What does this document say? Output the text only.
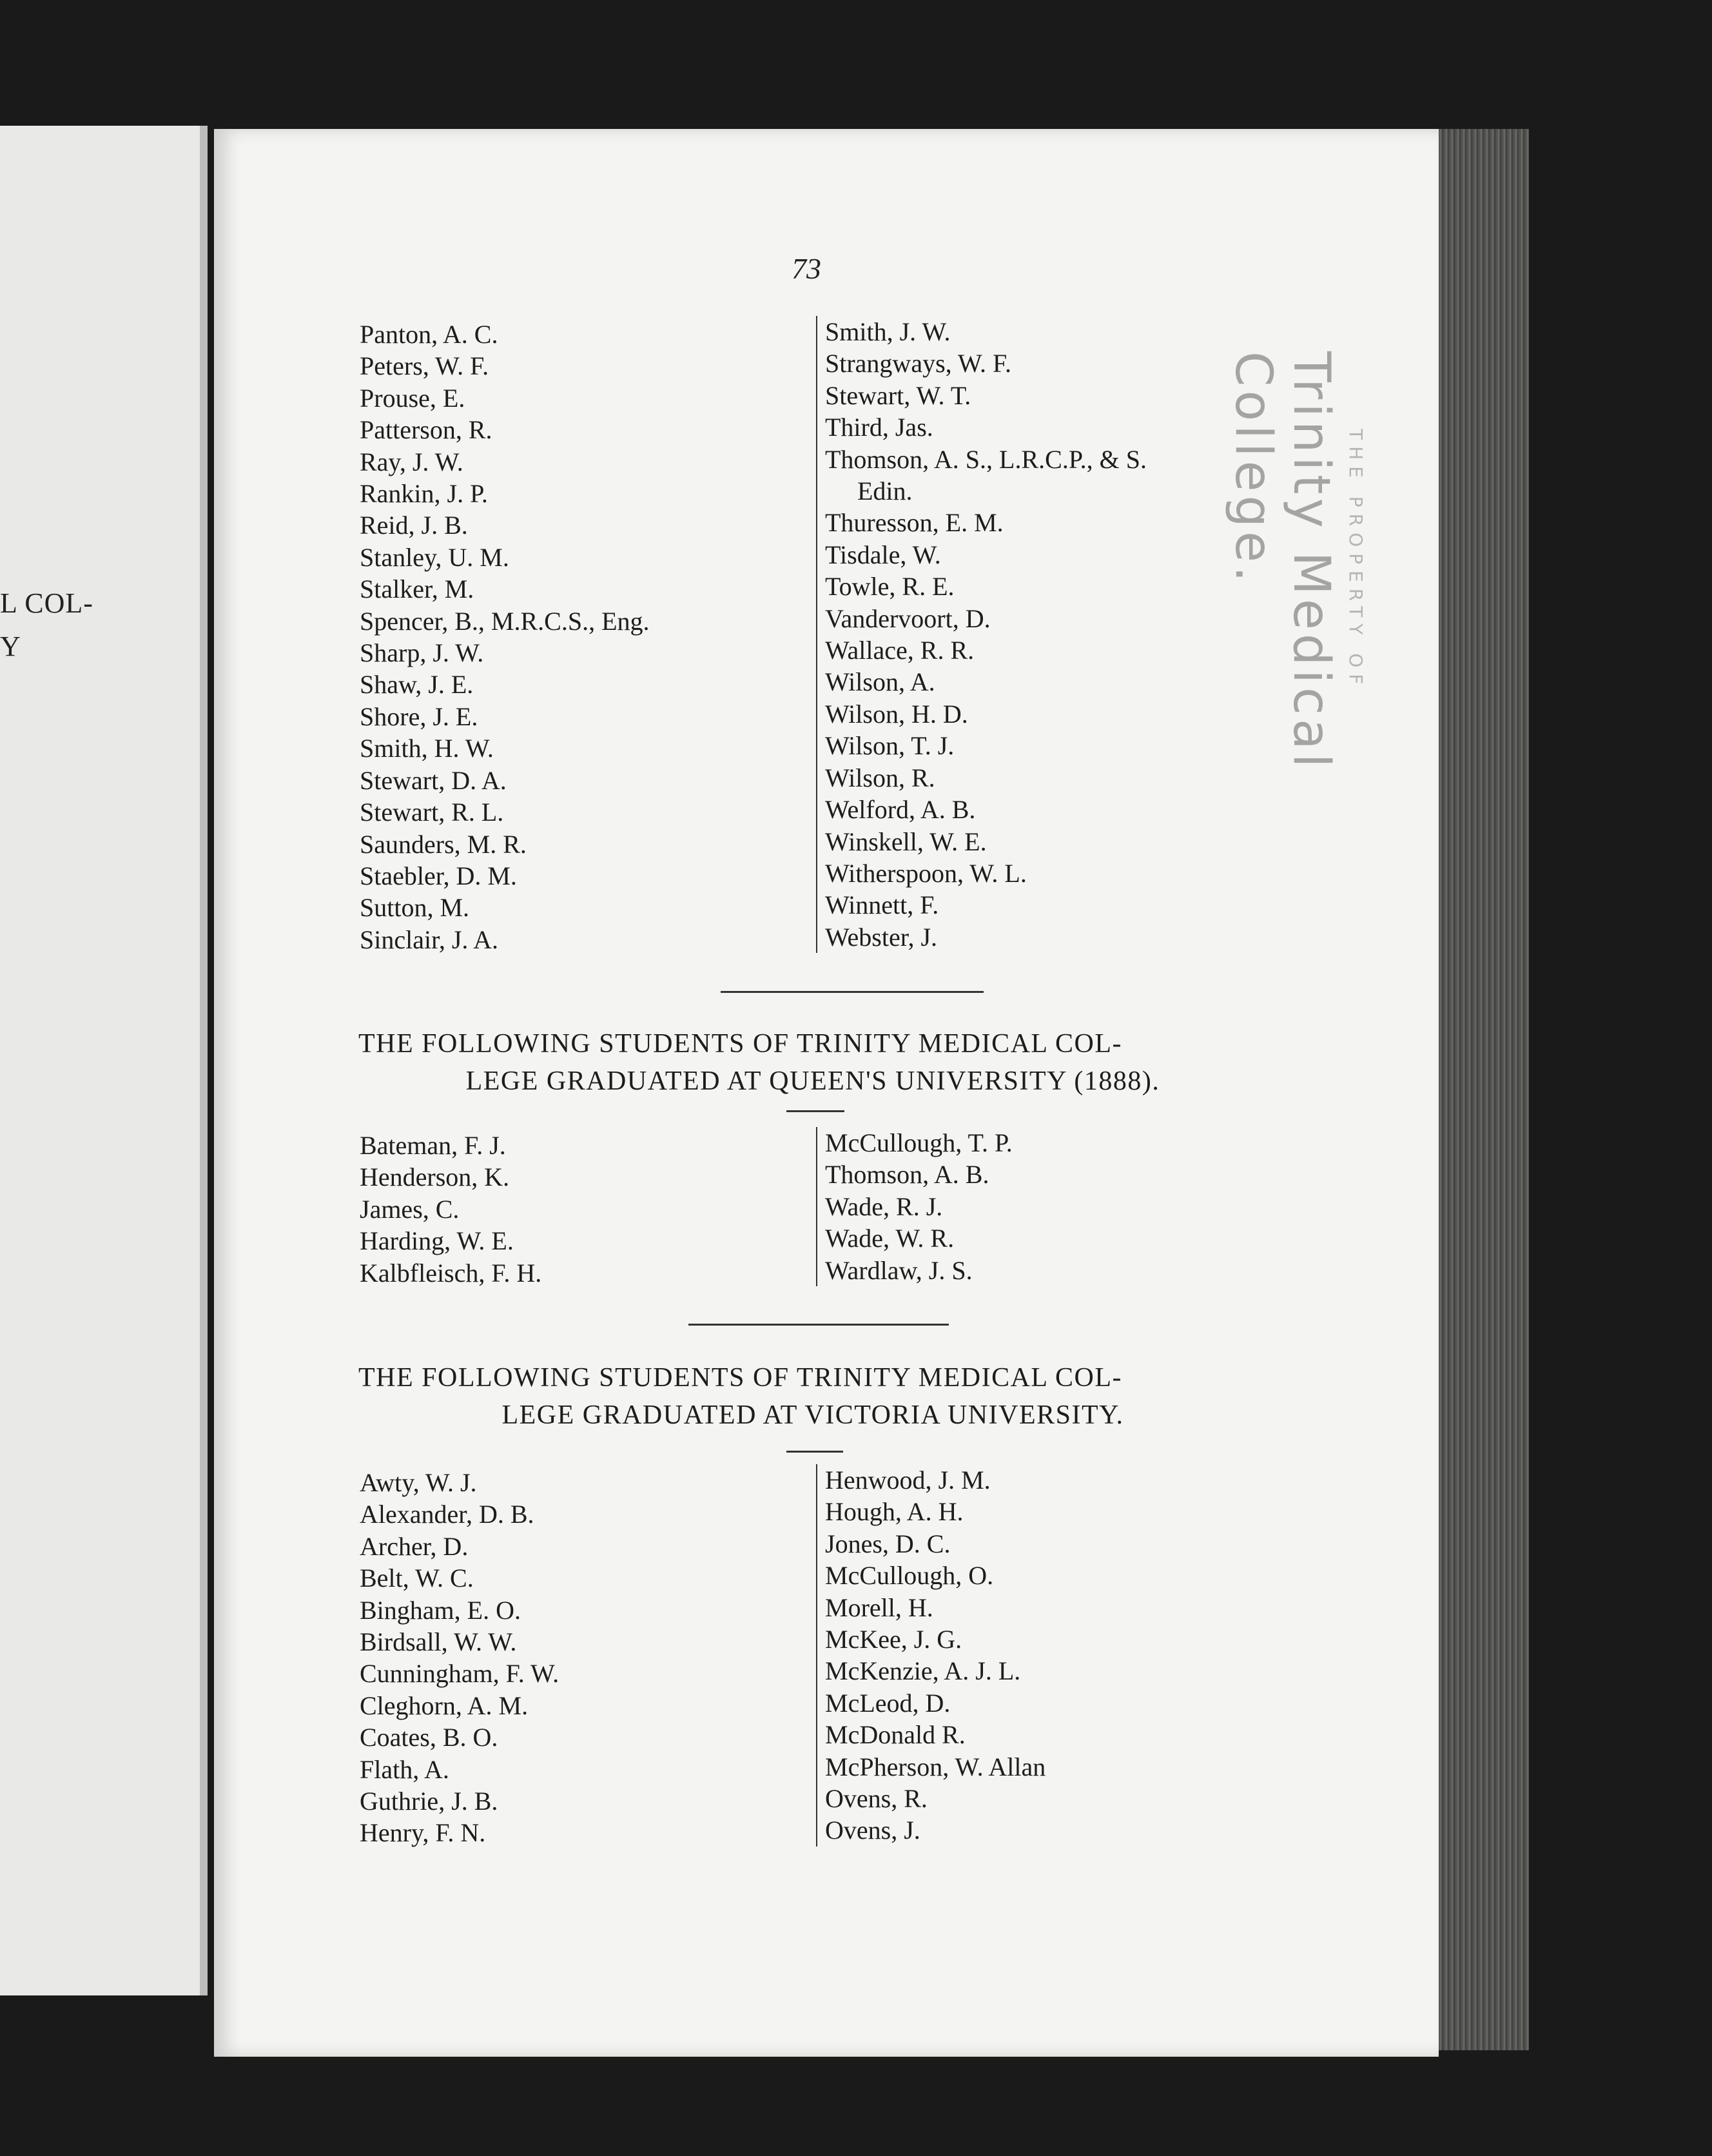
L COL-
Y
73
THE PROPERTY OF
Trinity Medical College.
Panton, A. C.
Peters, W. F.
Prouse, E.
Patterson, R.
Ray, J. W.
Rankin, J. P.
Reid, J. B.
Stanley, U. M.
Stalker, M.
Spencer, B., M.R.C.S., Eng.
Sharp, J. W.
Shaw, J. E.
Shore, J. E.
Smith, H. W.
Stewart, D. A.
Stewart, R. L.
Saunders, M. R.
Staebler, D. M.
Sutton, M.
Sinclair, J. A.
Smith, J. W.
Strangways, W. F.
Stewart, W. T.
Third, Jas.
Thomson, A. S., L.R.C.P., & S.
Edin.
Thuresson, E. M.
Tisdale, W.
Towle, R. E.
Vandervoort, D.
Wallace, R. R.
Wilson, A.
Wilson, H. D.
Wilson, T. J.
Wilson, R.
Welford, A. B.
Winskell, W. E.
Witherspoon, W. L.
Winnett, F.
Webster, J.
THE FOLLOWING STUDENTS OF TRINITY MEDICAL COL-
LEGE GRADUATED AT QUEEN'S UNIVERSITY (1888).
Bateman, F. J.
Henderson, K.
James, C.
Harding, W. E.
Kalbfleisch, F. H.
McCullough, T. P.
Thomson, A. B.
Wade, R. J.
Wade, W. R.
Wardlaw, J. S.
THE FOLLOWING STUDENTS OF TRINITY MEDICAL COL-
LEGE GRADUATED AT VICTORIA UNIVERSITY.
Awty, W. J.
Alexander, D. B.
Archer, D.
Belt, W. C.
Bingham, E. O.
Birdsall, W. W.
Cunningham, F. W.
Cleghorn, A. M.
Coates, B. O.
Flath, A.
Guthrie, J. B.
Henry, F. N.
Henwood, J. M.
Hough, A. H.
Jones, D. C.
McCullough, O.
Morell, H.
McKee, J. G.
McKenzie, A. J. L.
McLeod, D.
McDonald R.
McPherson, W. Allan
Ovens, R.
Ovens, J.
